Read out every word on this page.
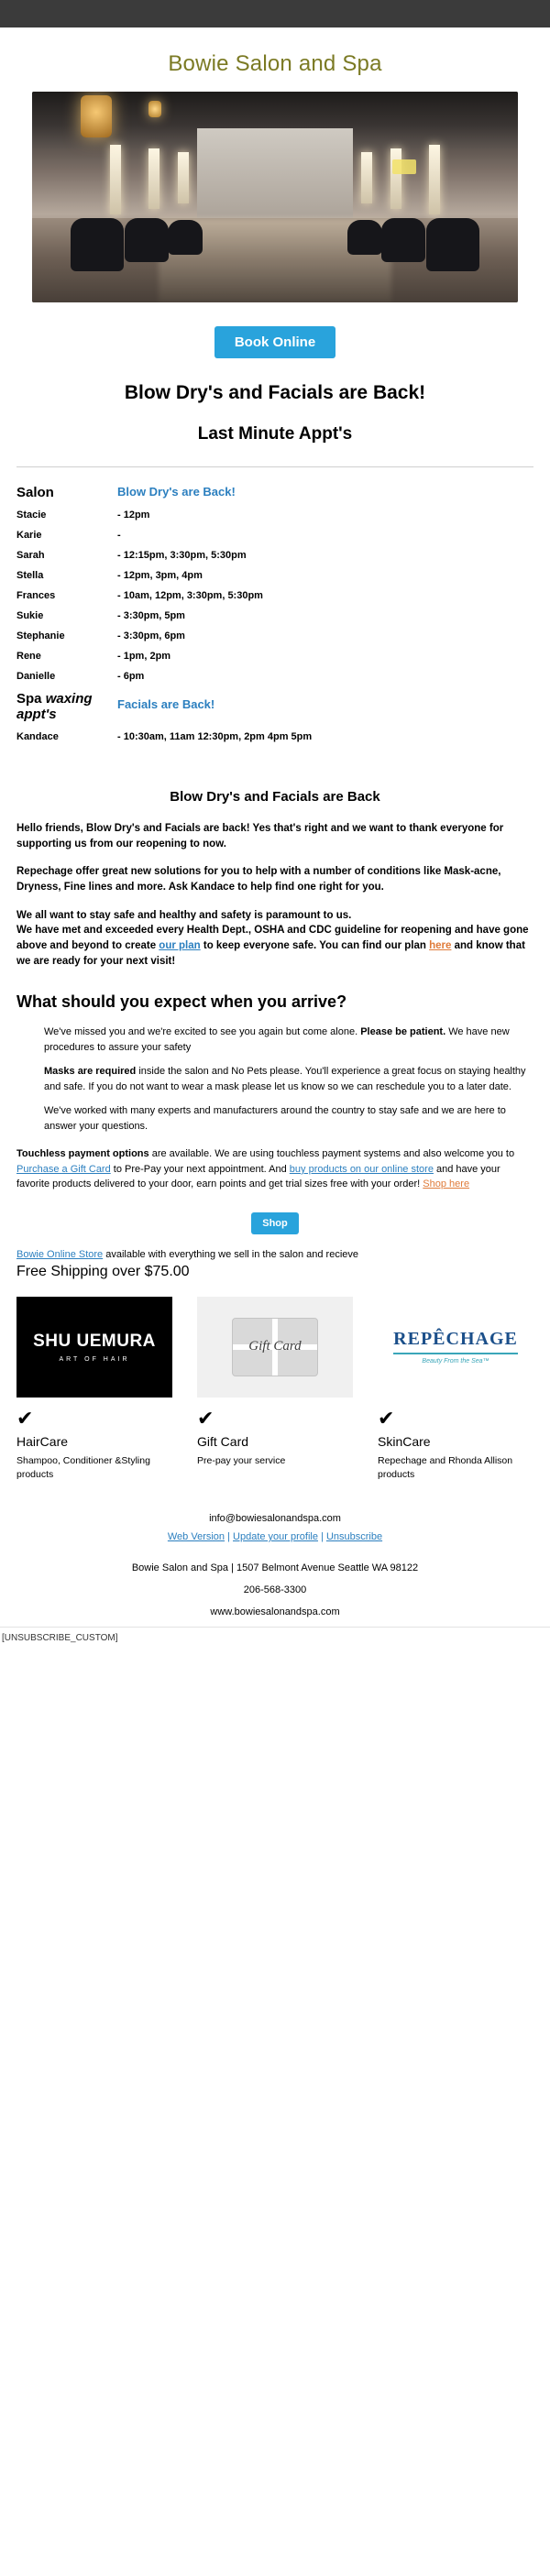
Bowie Salon and Spa
Book Online
Blow Dry's and Facials are Back!
Last Minute Appt's
Salon	Blow Dry's are Back!
Stacie	- 12pm
Karie	-
Sarah	- 12:15pm, 3:30pm, 5:30pm
Stella	- 12pm, 3pm, 4pm
Frances	- 10am, 12pm, 3:30pm, 5:30pm
Sukie	- 3:30pm, 5pm
Stephanie	- 3:30pm, 6pm
Rene	- 1pm, 2pm
Danielle	- 6pm
Spa waxing appt's	Facials are Back!
Kandace	- 10:30am, 11am 12:30pm, 2pm 4pm 5pm
Blow Dry's and Facials are Back

Hello friends, Blow Dry's and Facials are back! Yes that's right and we want to thank everyone for supporting us from our reopening to now.

Repechage offer great new solutions for you to help with a number of conditions like Mask-acne, Dryness, Fine lines and more. Ask Kandace to help find one right for you.

We all want to stay safe and healthy and safety is paramount to us.
We have met and exceeded every Health Dept., OSHA and CDC guideline for reopening and have gone above and beyond to create our plan to keep everyone safe. You can find our plan here and know that we are ready for your next visit!

What should you expect when you arrive?

We've missed you and we're excited to see you again but come alone. Please be patient. We have new procedures to assure your safety

Masks are required inside the salon and No Pets please. You'll experience a great focus on staying healthy and safe. If you do not want to wear a mask please let us know so we can reschedule you to a later date.

We've worked with many experts and manufacturers around the country to stay safe and we are here to answer your questions.

Touchless payment options are available. We are using touchless payment systems and also welcome you to Purchase a Gift Card to Pre-Pay your next appointment. And buy products on our online store and have your favorite products delivered to your door, earn points and get trial sizes free with your order! Shop here

Shop

Bowie Online Store available with everything we sell in the salon and recieve

Free Shipping over $75.00
SHU UEMURA
ART OF HAIR
✔
HairCare

Shampoo, Conditioner &Styling products

Gift Card
✔
Gift Card

Pre-pay your service

REPÊCHAGE
Beauty From the Sea™
✔
SkinCare

Repechage and Rhonda Allison products

info@bowiesalonandspa.com
Web Version | Update your profile | Unsubscribe
Bowie Salon and Spa | 1507 Belmont Avenue Seattle WA 98122
206-568-3300
www.bowiesalonandspa.com
[UNSUBSCRIBE_CUSTOM]
